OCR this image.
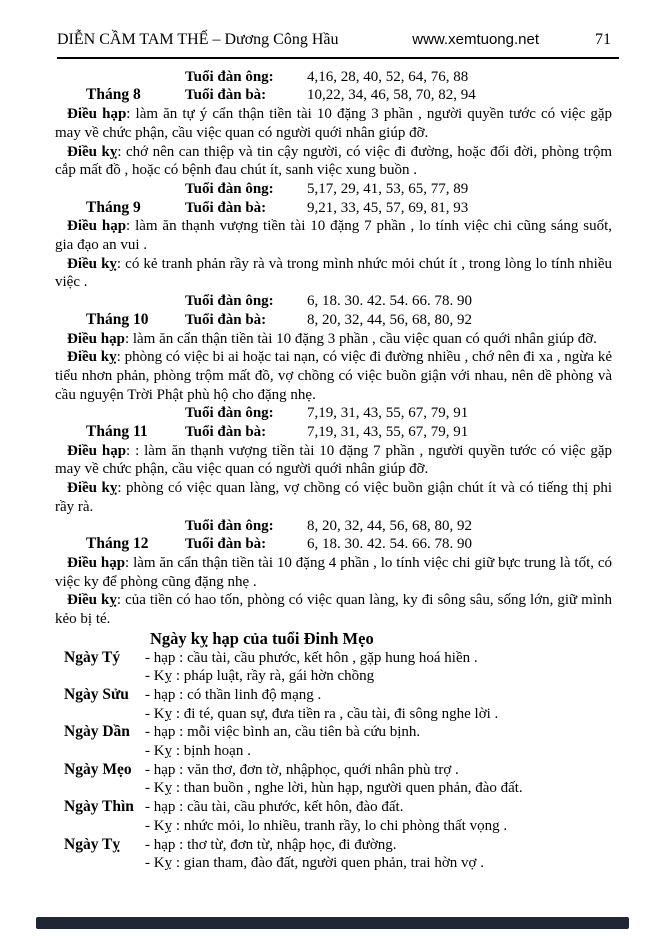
DIỄN CẦM TAM THẾ – Dương Công Hầu	www.xemtuong.net	71
Tuổi đàn ông:	4,16, 28, 40, 52, 64, 76, 88
Tháng 8	Tuổi đàn bà:	10,22, 34, 46, 58, 70, 82, 94

Điều hạp: làm ăn tự ý cẩn thận tiền tài 10 đặng 3 phần , người quyền tước có việc gặp may về chức phận, cầu việc quan có người quới nhân giúp đỡ.

Điều kỵ: chớ nên can thiệp và tin cậy người, có việc đi đường, hoặc đổi đời, phòng trộm cắp mất đồ , hoặc có bệnh đau chút ít, sanh việc xung buồn .

Tuổi đàn ông:	5,17, 29, 41, 53, 65, 77, 89
Tháng 9	Tuổi đàn bà:	9,21, 33, 45, 57, 69, 81, 93

Điều hạp: làm ăn thạnh vượng tiền tài 10 đặng 7 phần , lo tính việc chi cũng sáng suốt, gia đạo an vui .

Điều kỵ: có kẻ tranh phản rầy rà và trong mình nhức mỏi chút ít , trong lòng lo tính nhiều việc .

Tuổi đàn ông:	6, 18. 30. 42. 54. 66. 78. 90
Tháng 10	Tuổi đàn bà:	8, 20, 32, 44, 56, 68, 80, 92

Điều hạp: làm ăn cẩn thận tiền tài 10 đặng 3 phần , cầu việc quan có quới nhân giúp đỡ.

Điều kỵ: phòng có việc bi ai hoặc tai nạn, có việc đi đường nhiều , chớ nên đi xa , ngừa kẻ tiểu nhơn phản, phòng trộm mất đồ, vợ chồng có việc buồn giận với nhau, nên dề phòng và cầu nguyện Trời Phật phù hộ cho đặng nhẹ.

Tuổi đàn ông:	7,19, 31, 43, 55, 67, 79, 91
Tháng 11	Tuổi đàn bà:	7,19, 31, 43, 55, 67, 79, 91

Điều hạp: : làm ăn thạnh vượng tiền tài 10 đặng 7 phần , người quyền tước có việc gặp may về chức phận, cầu việc quan có người quới nhân giúp đỡ.

Điều kỵ: phòng có việc quan làng, vợ chồng có việc buồn giận chút ít và có tiếng thị phi rầy rà.

Tuổi đàn ông:	8, 20, 32, 44, 56, 68, 80, 92
Tháng 12	Tuổi đàn bà:	6, 18. 30. 42. 54. 66. 78. 90

Điều hạp: làm ăn cẩn thận tiền tài 10 đặng 4 phần , lo tính việc chi giữ bực trung là tốt, có việc ky để phòng cũng đặng nhẹ .

Điều kỵ: của tiền có hao tốn, phòng có việc quan làng, ky đi sông sâu, sống lớn, giữ mình kẻo bị té.

Ngày kỵ hạp của tuổi Đinh Mẹo
Ngày Tý	- hạp : cầu tài, cầu phước, kết hôn , gặp hung hoá hiền .
- Kỵ : pháp luật, rầy rà, gái hờn chồng
Ngày Sửu	- hạp : có thần linh độ mạng .
- Kỵ : đi té, quan sự, đưa tiền ra , cầu tài, đi sông nghe lời .
Ngày Dần	- hạp : mỗi việc bình an, cầu tiên bà cứu bịnh.
- Kỵ : bịnh hoạn .
Ngày Mẹo - hạp : văn thơ, đơn tờ, nhậphọc, quới nhân phù trợ .
- Kỵ : than buồn , nghe lời, hùn hạp, người quen phản, đào đất.
Ngày Thìn - hạp : cầu tài, cầu phước, kết hôn, đào đất.
- Kỵ : nhức mỏi, lo nhiều, tranh rầy, lo chi phòng thất vọng .
Ngày Tỵ	- hạp : thơ từ, đơn từ, nhập học, đi đường.
- Kỵ : gian tham, đào đất, người quen phản, trai hờn vợ .
